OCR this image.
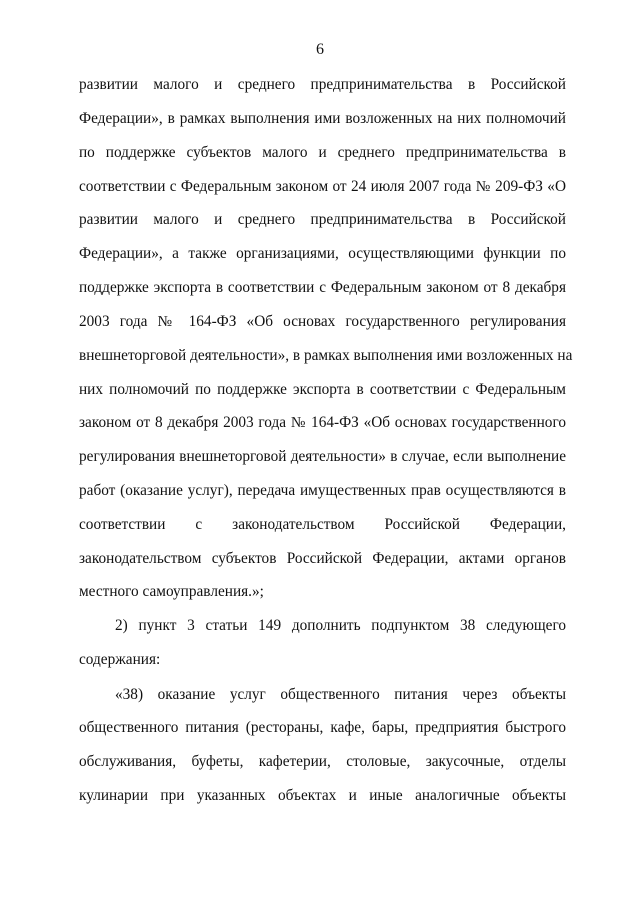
6
развитии малого и среднего предпринимательства в Российской
Федерации», в рамках выполнения ими возложенных на них полномочий
по поддержке субъектов малого и среднего предпринимательства в
соответствии с Федеральным законом от 24 июля 2007 года № 209-ФЗ «О
развитии малого и среднего предпринимательства в Российской
Федерации», а также организациями, осуществляющими функции по
поддержке экспорта в соответствии с Федеральным законом от 8 декабря
2003 года № 164-ФЗ «Об основах государственного регулирования
внешнеторговой деятельности», в рамках выполнения ими возложенных на
них полномочий по поддержке экспорта в соответствии с Федеральным
законом от 8 декабря 2003 года № 164-ФЗ «Об основах государственного
регулирования внешнеторговой деятельности» в случае, если выполнение
работ (оказание услуг), передача имущественных прав осуществляются в
соответствии с законодательством Российской Федерации,
законодательством субъектов Российской Федерации, актами органов
местного самоуправления.»;
2) пункт 3 статьи 149 дополнить подпунктом 38 следующего
содержания:
«38) оказание услуг общественного питания через объекты
общественного питания (рестораны, кафе, бары, предприятия быстрого
обслуживания, буфеты, кафетерии, столовые, закусочные, отделы
кулинарии при указанных объектах и иные аналогичные объекты
